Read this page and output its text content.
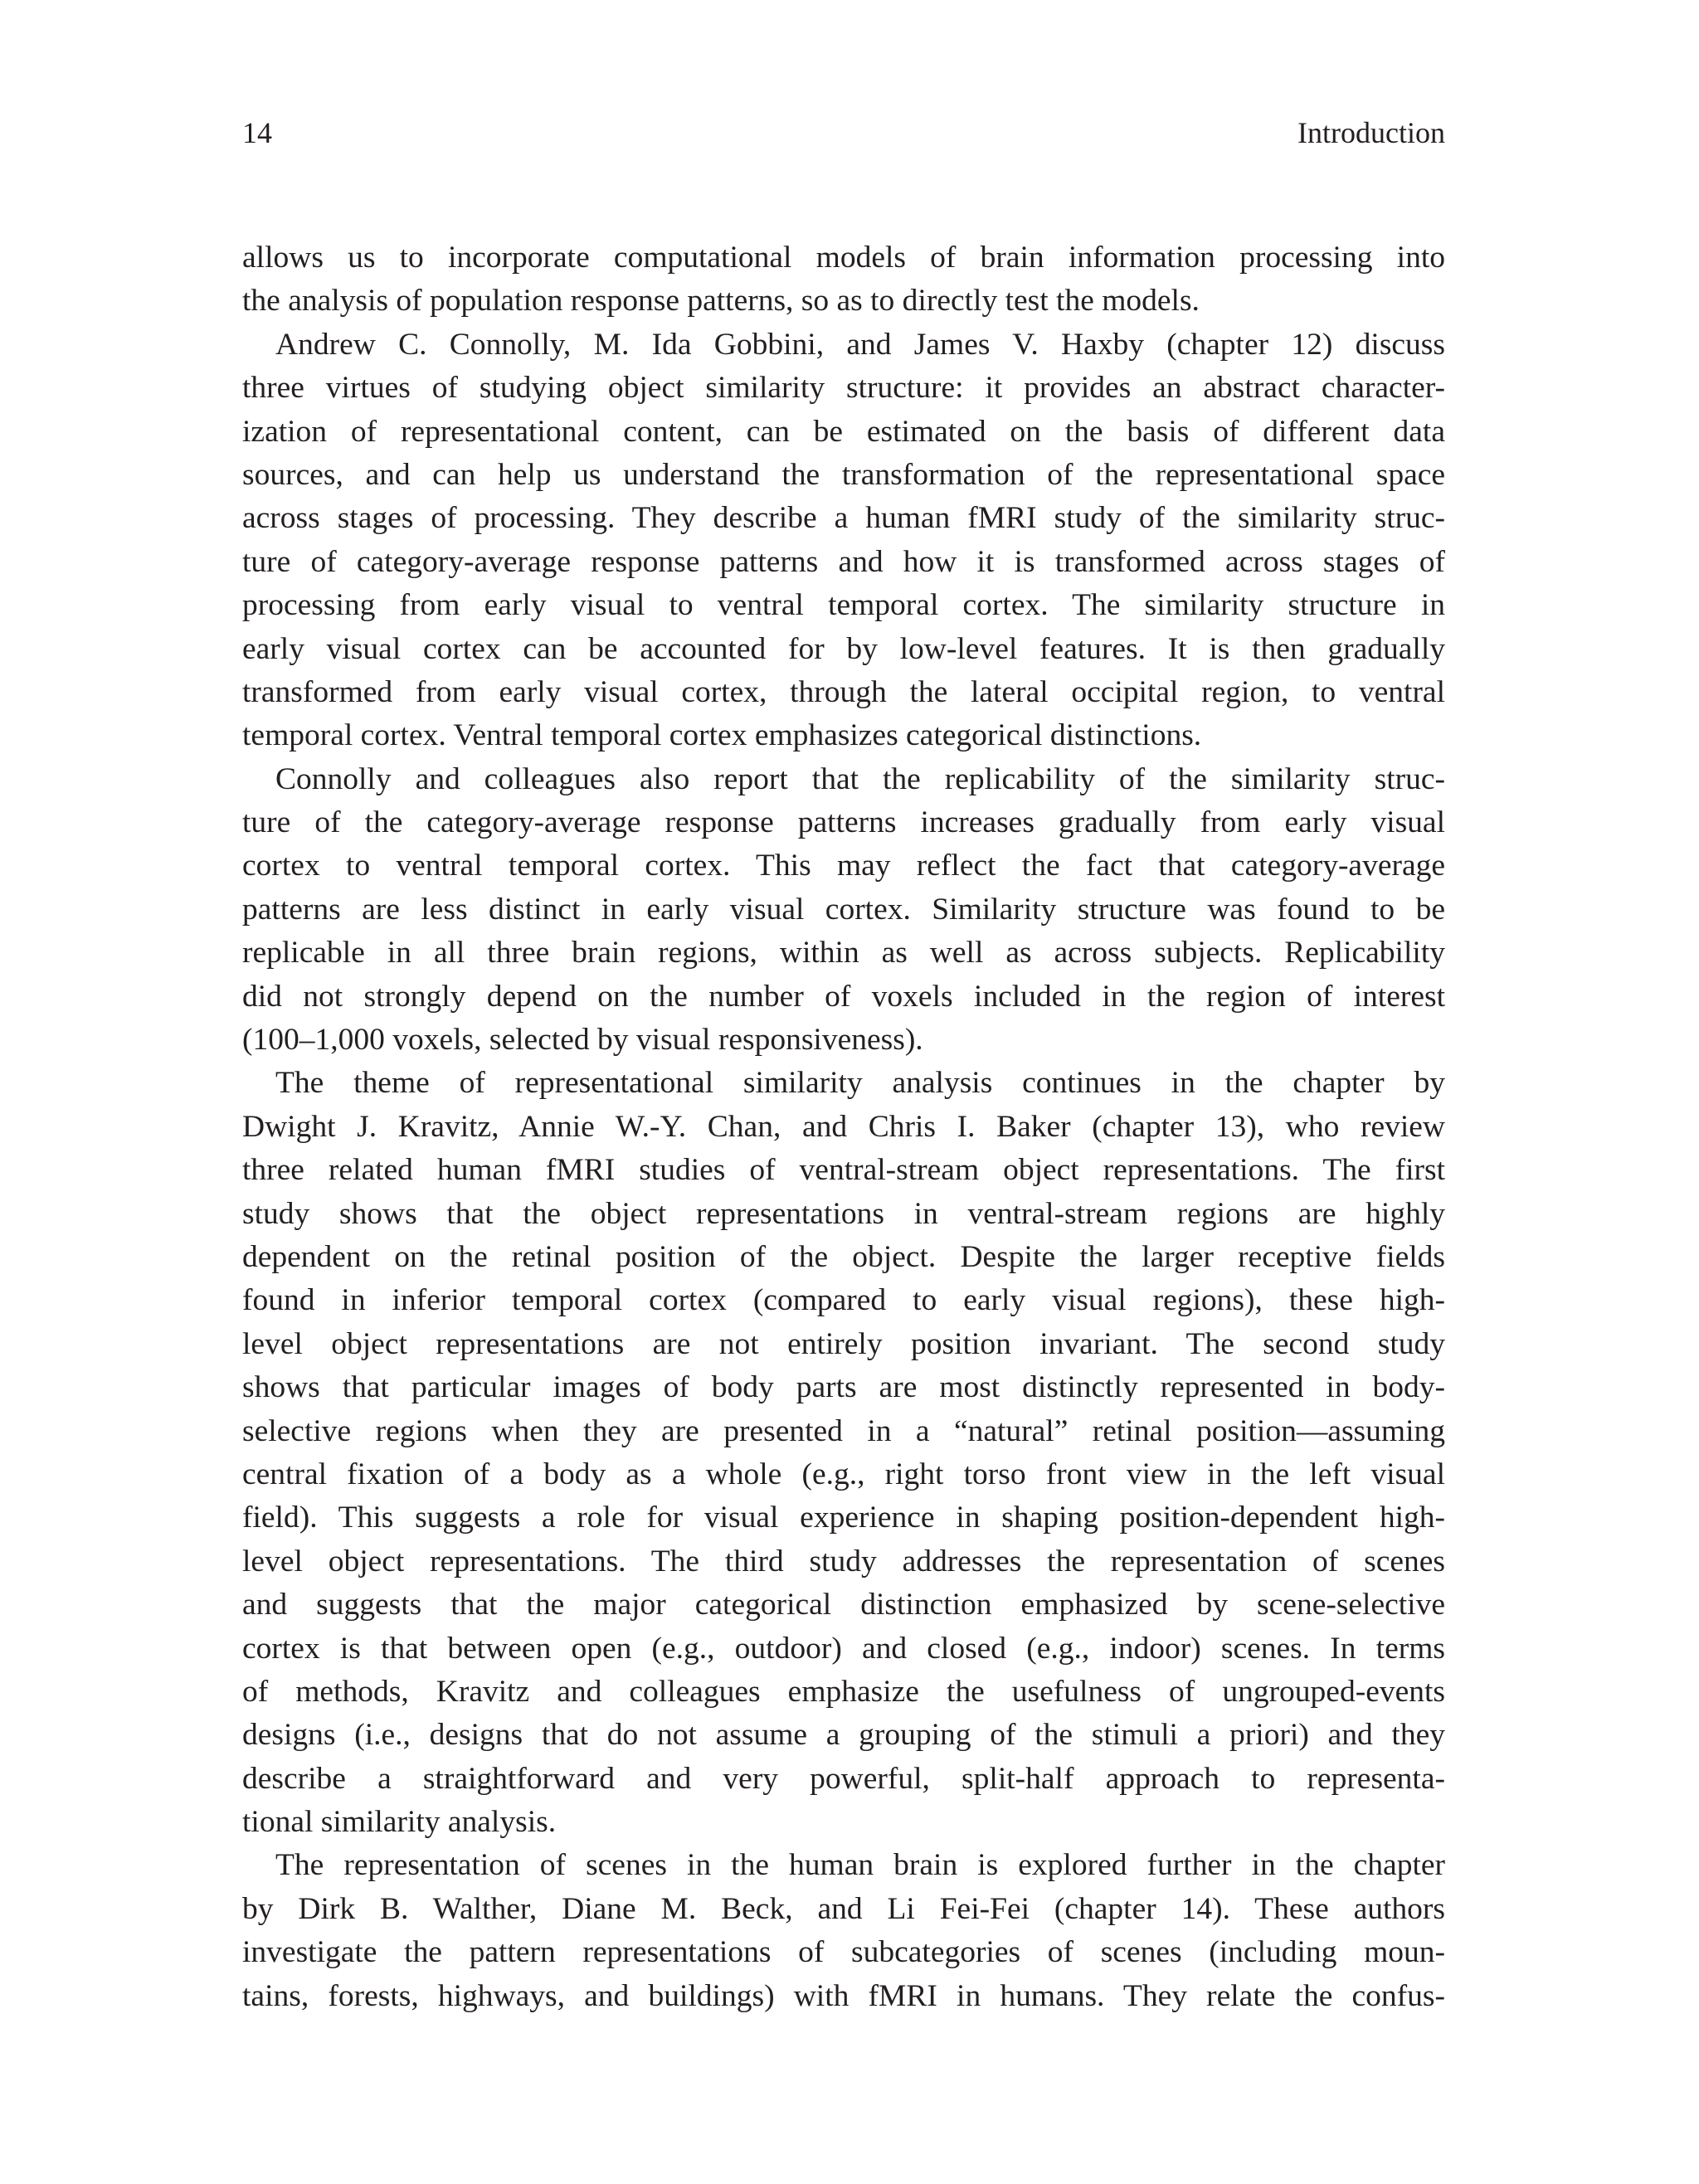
14	Introduction
allows us to incorporate computational models of brain information processing into
the analysis of population response patterns, so as to directly test the models.
Andrew C. Connolly, M. Ida Gobbini, and James V. Haxby (chapter 12) discuss
three virtues of studying object similarity structure: it provides an abstract character-
ization of representational content, can be estimated on the basis of different data
sources, and can help us understand the transformation of the representational space
across stages of processing. They describe a human fMRI study of the similarity struc-
ture of category-average response patterns and how it is transformed across stages of
processing from early visual to ventral temporal cortex. The similarity structure in
early visual cortex can be accounted for by low-level features. It is then gradually
transformed from early visual cortex, through the lateral occipital region, to ventral
temporal cortex. Ventral temporal cortex emphasizes categorical distinctions.
Connolly and colleagues also report that the replicability of the similarity struc-
ture of the category-average response patterns increases gradually from early visual
cortex to ventral temporal cortex. This may reflect the fact that category-average
patterns are less distinct in early visual cortex. Similarity structure was found to be
replicable in all three brain regions, within as well as across subjects. Replicability
did not strongly depend on the number of voxels included in the region of interest
(100–1,000 voxels, selected by visual responsiveness).
The theme of representational similarity analysis continues in the chapter by
Dwight J. Kravitz, Annie W.-Y. Chan, and Chris I. Baker (chapter 13), who review
three related human fMRI studies of ventral-stream object representations. The first
study shows that the object representations in ventral-stream regions are highly
dependent on the retinal position of the object. Despite the larger receptive fields
found in inferior temporal cortex (compared to early visual regions), these high-
level object representations are not entirely position invariant. The second study
shows that particular images of body parts are most distinctly represented in body-
selective regions when they are presented in a “natural” retinal position—assuming
central fixation of a body as a whole (e.g., right torso front view in the left visual
field). This suggests a role for visual experience in shaping position-dependent high-
level object representations. The third study addresses the representation of scenes
and suggests that the major categorical distinction emphasized by scene-selective
cortex is that between open (e.g., outdoor) and closed (e.g., indoor) scenes. In terms
of methods, Kravitz and colleagues emphasize the usefulness of ungrouped-events
designs (i.e., designs that do not assume a grouping of the stimuli a priori) and they
describe a straightforward and very powerful, split-half approach to representa-
tional similarity analysis.
The representation of scenes in the human brain is explored further in the chapter
by Dirk B. Walther, Diane M. Beck, and Li Fei-Fei (chapter 14). These authors
investigate the pattern representations of subcategories of scenes (including moun-
tains, forests, highways, and buildings) with fMRI in humans. They relate the confus-
